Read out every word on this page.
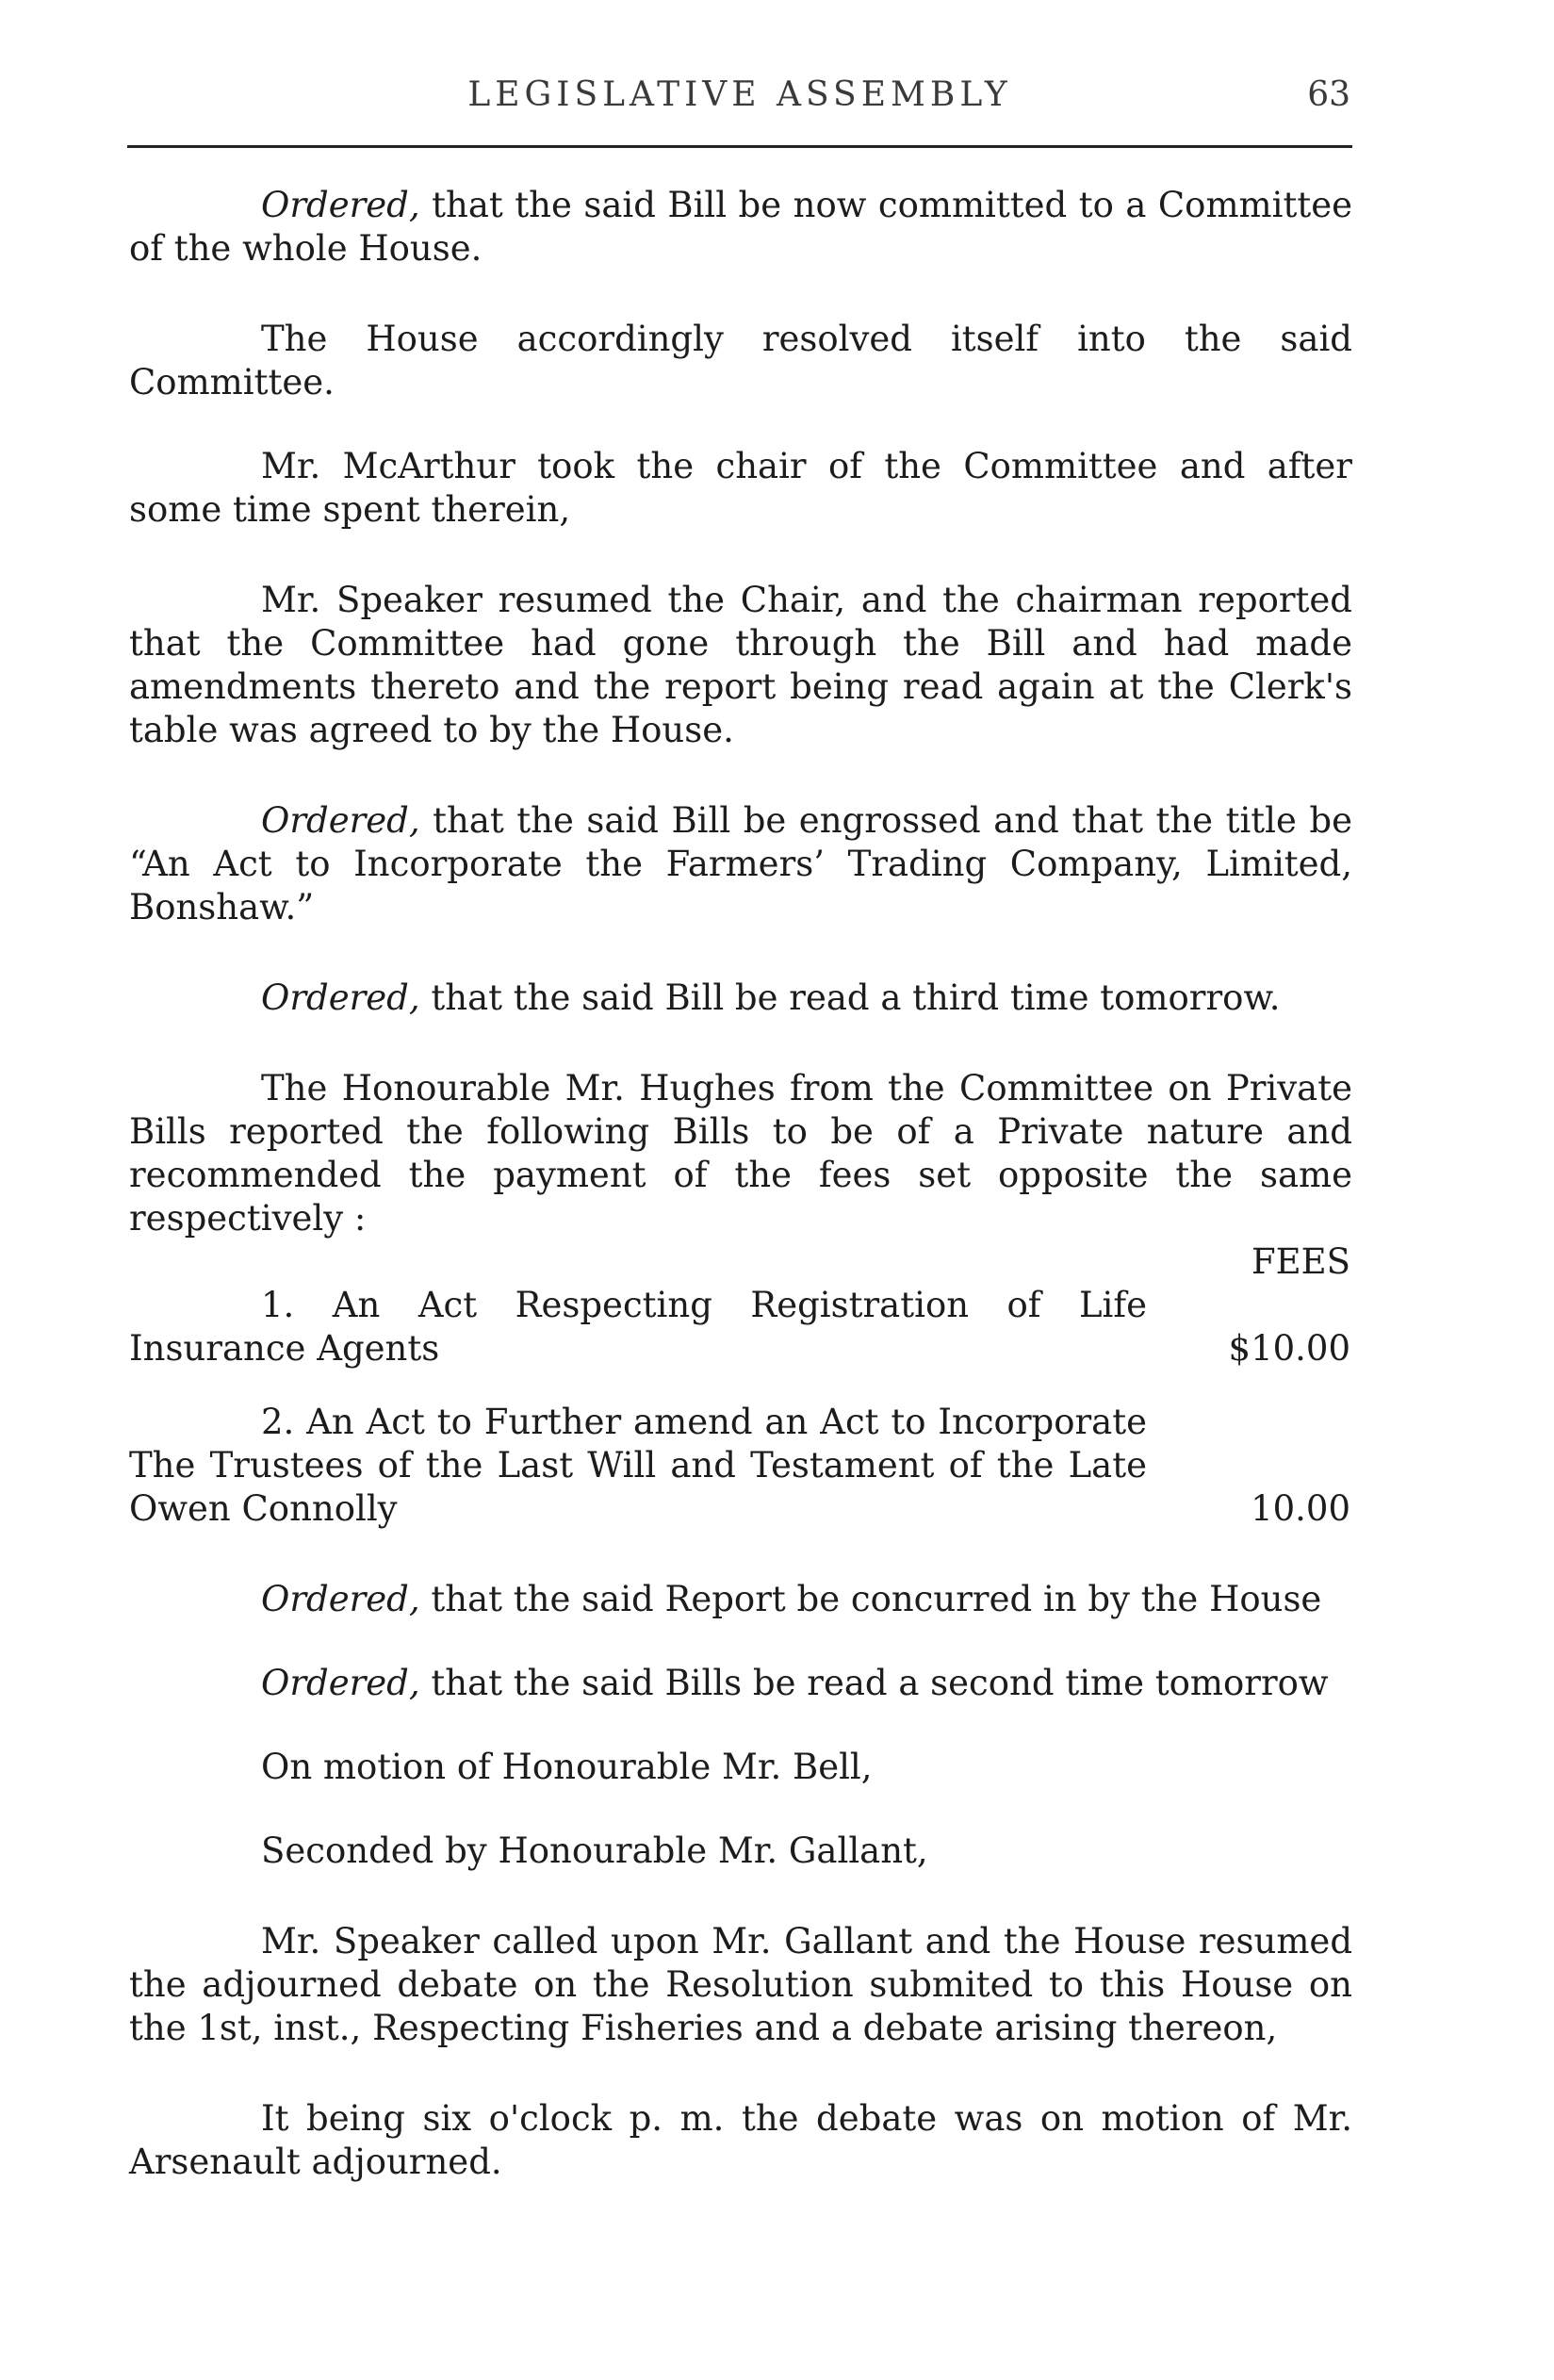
LEGISLATIVE ASSEMBLY	63

Ordered, that the said Bill be now committed to a Committee of the whole House.

The House accordingly resolved itself into the said Committee.

Mr. McArthur took the chair of the Committee and after some time spent therein,

Mr. Speaker resumed the Chair, and the chairman reported that the Committee had gone through the Bill and had made amendments thereto and the report being read again at the Clerk's table was agreed to by the House.

Ordered, that the said Bill be engrossed and that the title be “An Act to Incorporate the Farmers’ Trading Company, Limited, Bonshaw.”

Ordered, that the said Bill be read a third time tomorrow.

The Honourable Mr. Hughes from the Committee on Private Bills reported the following Bills to be of a Private nature and recommended the payment of the fees set opposite the same respectively :

FEES

1. An Act Respecting Registration of Life Insurance Agents	$10.00

2. An Act to Further amend an Act to Incorporate The Trustees of the Last Will and Testament of the Late Owen Connolly	10.00

Ordered, that the said Report be concurred in by the House

Ordered, that the said Bills be read a second time tomorrow

On motion of Honourable Mr. Bell,

Seconded by Honourable Mr. Gallant,

Mr. Speaker called upon Mr. Gallant and the House resumed the adjourned debate on the Resolution submited to this House on the 1st, inst., Respecting Fisheries and a debate arising thereon,

It being six o'clock p. m. the debate was on motion of Mr. Arsenault adjourned.
